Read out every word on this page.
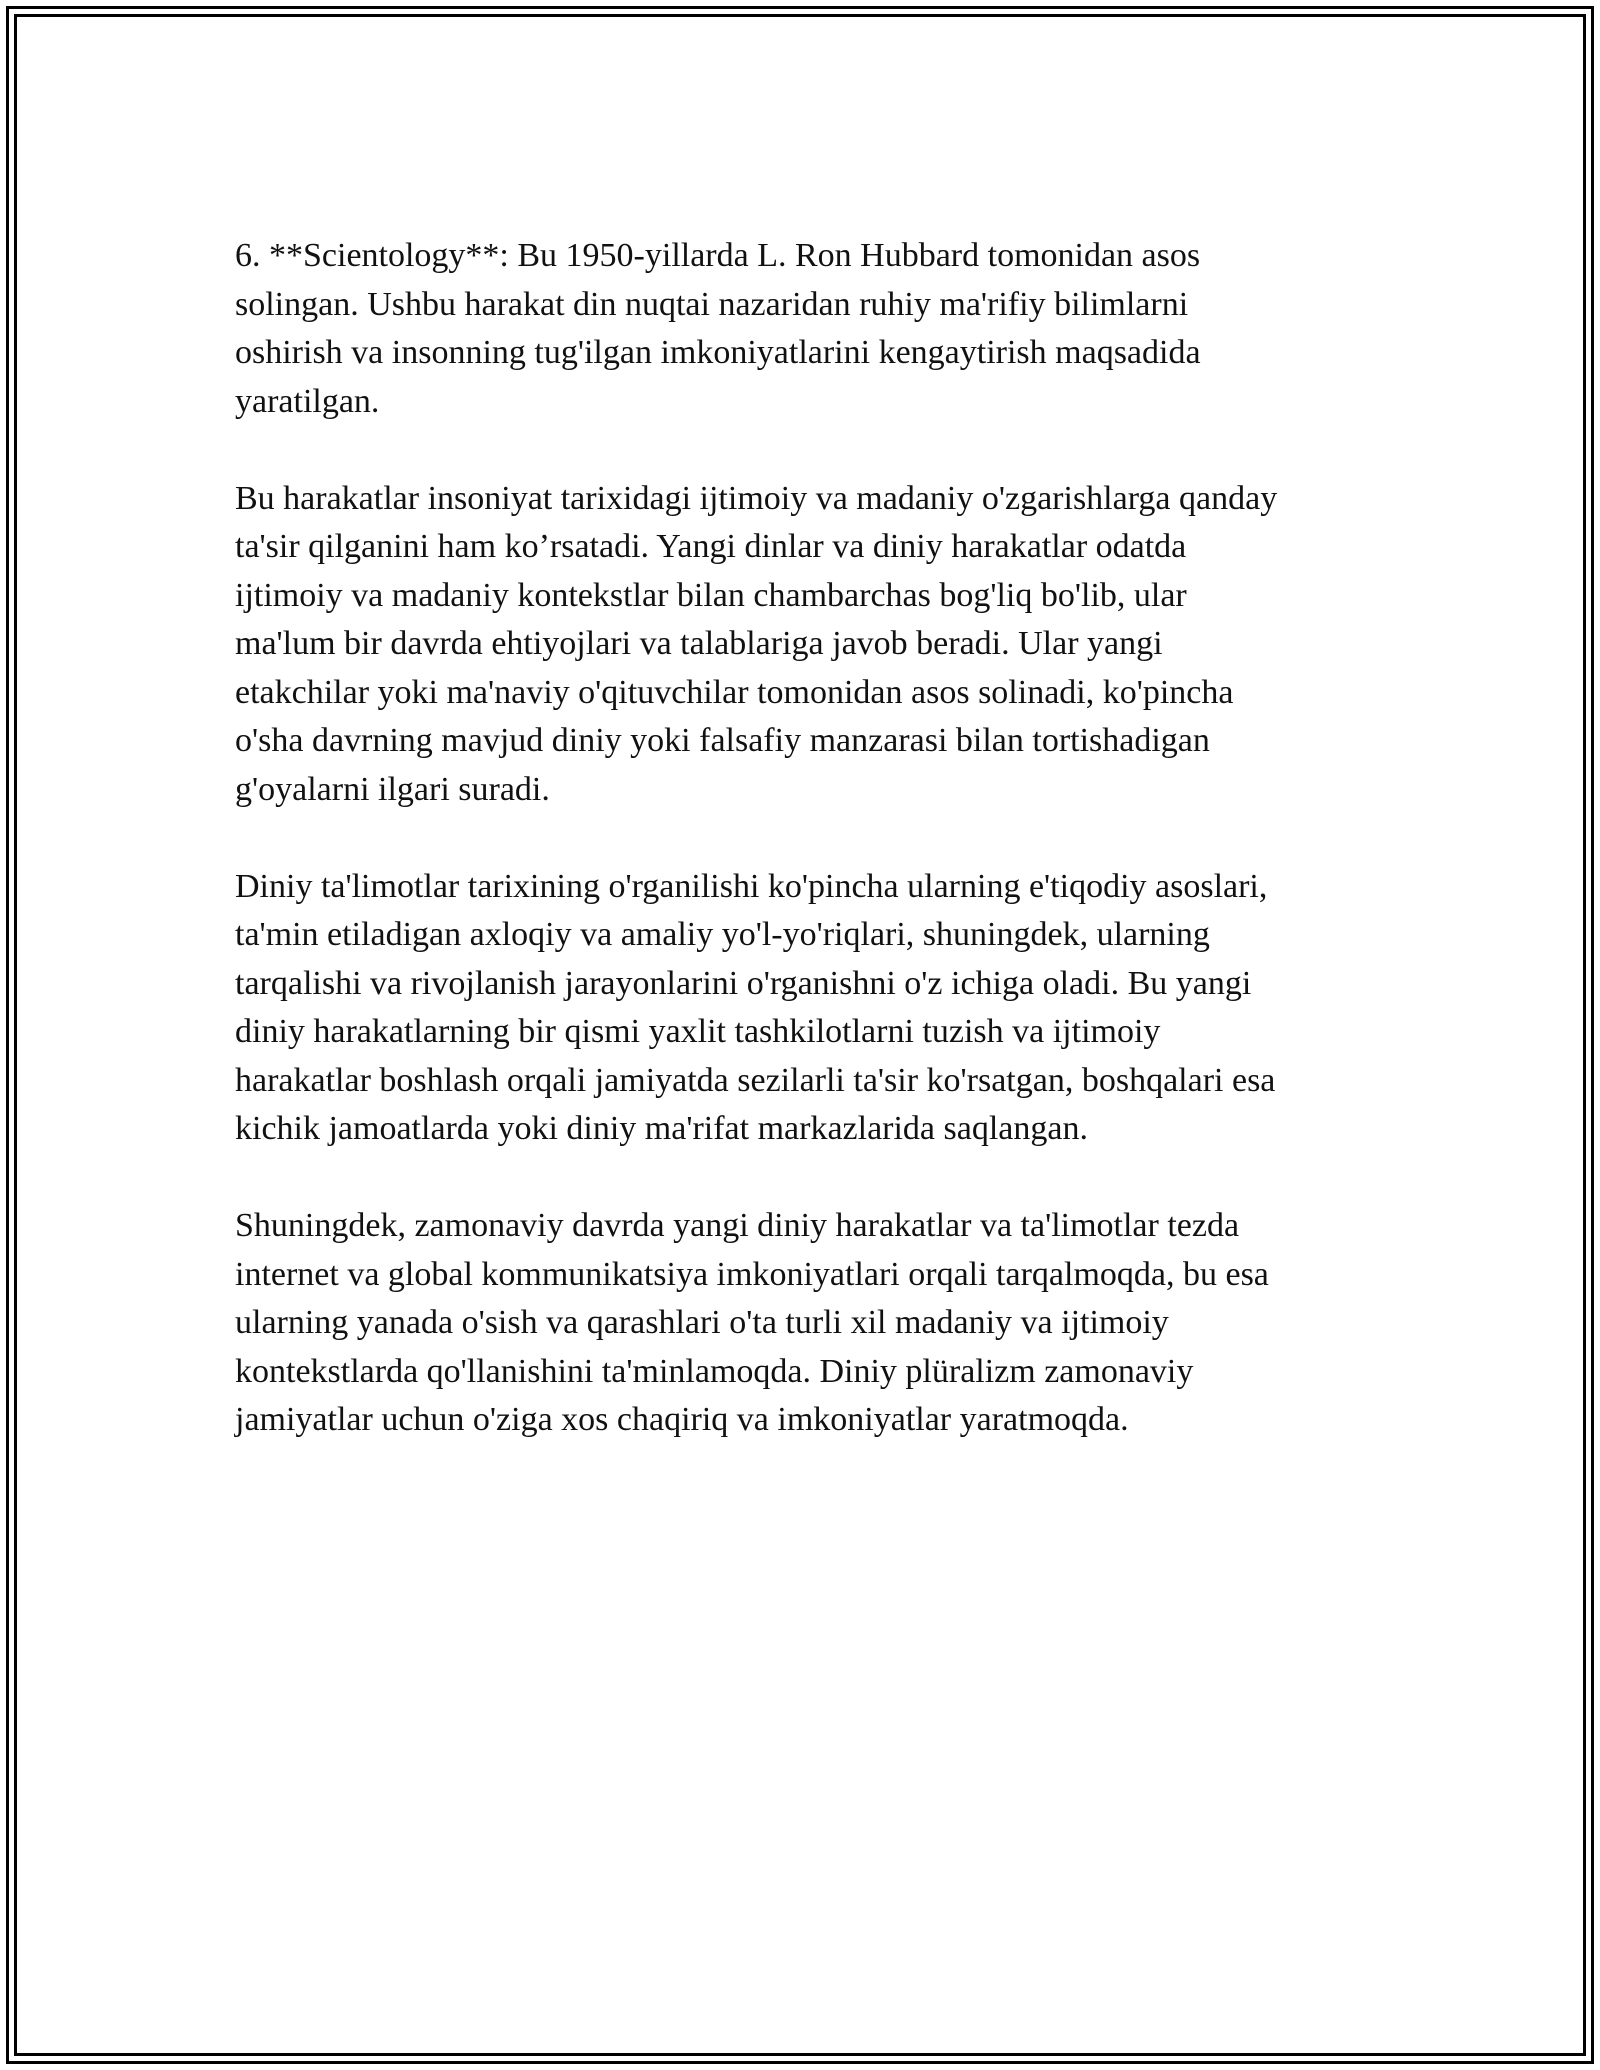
6. **Scientology**: Bu 1950-yillarda L. Ron Hubbard tomonidan asos
solingan. Ushbu harakat din nuqtai nazaridan ruhiy ma'rifiy bilimlarni
oshirish va insonning tug'ilgan imkoniyatlarini kengaytirish maqsadida
yaratilgan.

Bu harakatlar insoniyat tarixidagi ijtimoiy va madaniy o'zgarishlarga qanday
ta'sir qilganini ham ko’rsatadi. Yangi dinlar va diniy harakatlar odatda
ijtimoiy va madaniy kontekstlar bilan chambarchas bog'liq bo'lib, ular
ma'lum bir davrda ehtiyojlari va talablariga javob beradi. Ular yangi
etakchilar yoki ma'naviy o'qituvchilar tomonidan asos solinadi, ko'pincha
o'sha davrning mavjud diniy yoki falsafiy manzarasi bilan tortishadigan
g'oyalarni ilgari suradi.

Diniy ta'limotlar tarixining o'rganilishi ko'pincha ularning e'tiqodiy asoslari,
ta'min etiladigan axloqiy va amaliy yo'l-yo'riqlari, shuningdek, ularning
tarqalishi va rivojlanish jarayonlarini o'rganishni o'z ichiga oladi. Bu yangi
diniy harakatlarning bir qismi yaxlit tashkilotlarni tuzish va ijtimoiy
harakatlar boshlash orqali jamiyatda sezilarli ta'sir ko'rsatgan, boshqalari esa
kichik jamoatlarda yoki diniy ma'rifat markazlarida saqlangan.

Shuningdek, zamonaviy davrda yangi diniy harakatlar va ta'limotlar tezda
internet va global kommunikatsiya imkoniyatlari orqali tarqalmoqda, bu esa
ularning yanada o'sish va qarashlari o'ta turli xil madaniy va ijtimoiy
kontekstlarda qo'llanishini ta'minlamoqda. Diniy plüralizm zamonaviy
jamiyatlar uchun o'ziga xos chaqiriq va imkoniyatlar yaratmoqda.
